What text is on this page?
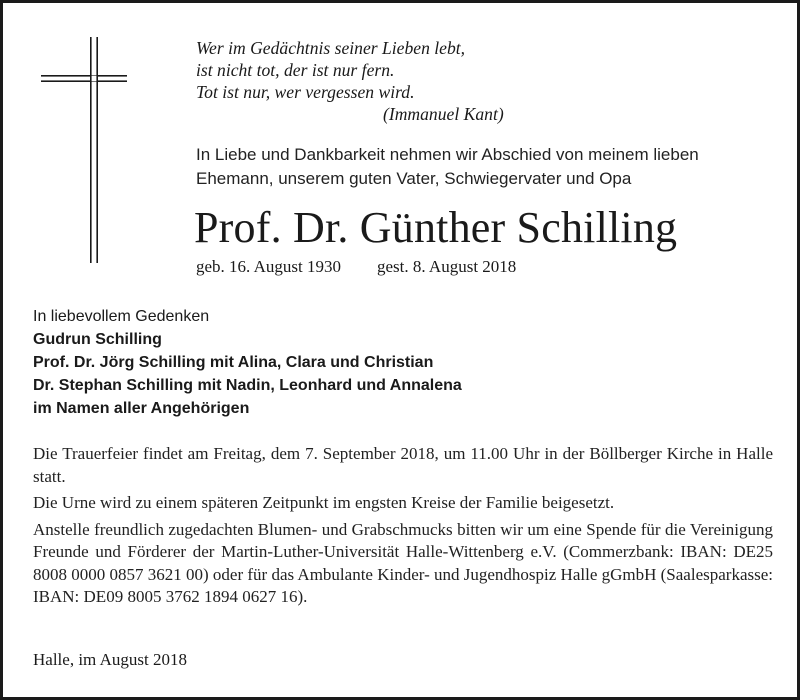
Wer im Gedächtnis seiner Lieben lebt,
ist nicht tot, der ist nur fern.
Tot ist nur, wer vergessen wird.
(Immanuel Kant)
In Liebe und Dankbarkeit nehmen wir Abschied von meinem lieben
Ehemann, unserem guten Vater, Schwiegervater und Opa
Prof. Dr. Günther Schilling
geb. 16. August 1930 gest. 8. August 2018
In liebevollem Gedenken
Gudrun Schilling
Prof. Dr. Jörg Schilling mit Alina, Clara und Christian
Dr. Stephan Schilling mit Nadin, Leonhard und Annalena
im Namen aller Angehörigen

Die Trauerfeier findet am Freitag, dem 7. September 2018, um 11.00 Uhr in der Böllberger Kirche in Halle statt.

Die Urne wird zu einem späteren Zeitpunkt im engsten Kreise der Familie beigesetzt.

Anstelle freundlich zugedachten Blumen- und Grabschmucks bitten wir um eine Spende für die Vereinigung Freunde und Förderer der Martin-Luther-Universität Halle-Wittenberg e.V. (Commerzbank: IBAN: DE25 8008 0000 0857 3621 00) oder für das Ambulante Kinder- und Jugendhospiz Halle gGmbH (Saalesparkasse: IBAN: DE09 8005 3762 1894 0627 16).

Halle, im August 2018
